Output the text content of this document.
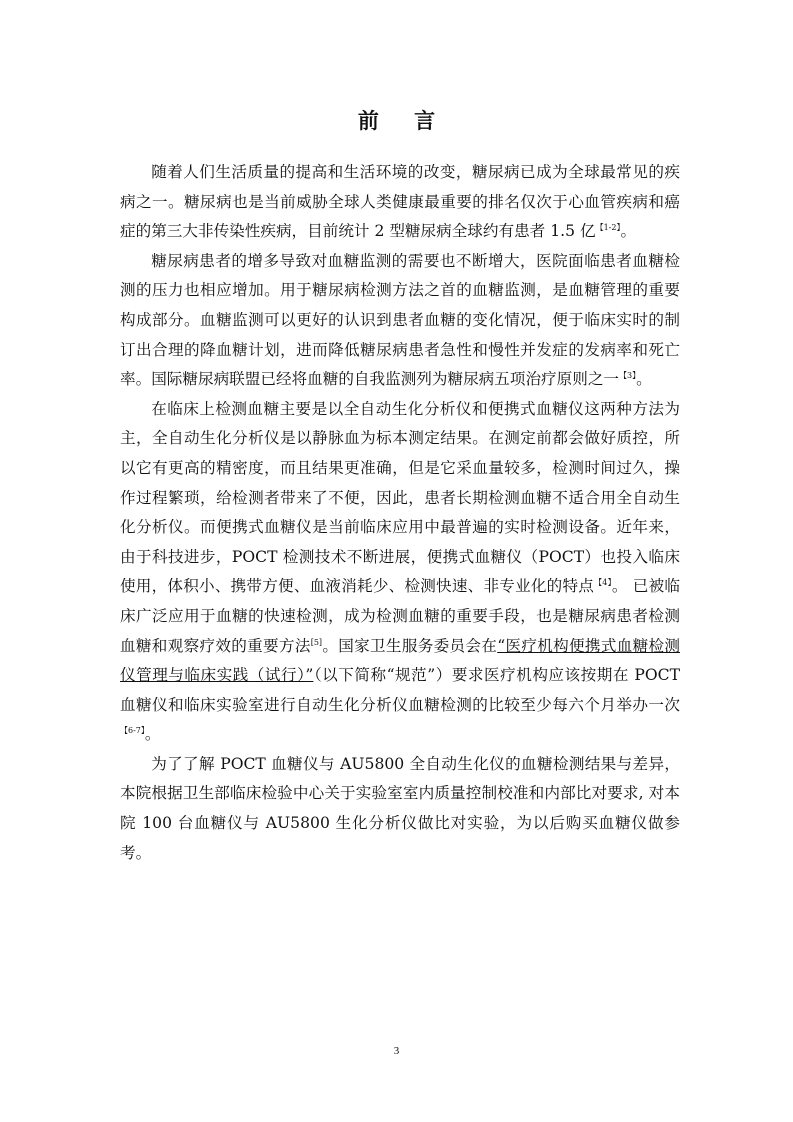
前 言

随着人们生活质量的提高和生活环境的改变，糖尿病已成为全球最常见的疾病之一。糖尿病也是当前威胁全球人类健康最重要的排名仅次于心血管疾病和癌症的第三大非传染性疾病，目前统计 2 型糖尿病全球约有患者 1.5 亿$^{【1-2】}$。

糖尿病患者的增多导致对血糖监测的需要也不断增大，医院面临患者血糖检测的压力也相应增加。用于糖尿病检测方法之首的血糖监测，是血糖管理的重要构成部分。血糖监测可以更好的认识到患者血糖的变化情况，便于临床实时的制订出合理的降血糖计划，进而降低糖尿病患者急性和慢性并发症的发病率和死亡率。国际糖尿病联盟已经将血糖的自我监测列为糖尿病五项治疗原则之一$^{【3】}$。

在临床上检测血糖主要是以全自动生化分析仪和便携式血糖仪这两种方法为主，全自动生化分析仪是以静脉血为标本测定结果。在测定前都会做好质控，所以它有更高的精密度，而且结果更准确，但是它采血量较多，检测时间过久，操作过程繁琐，给检测者带来了不便，因此，患者长期检测血糖不适合用全自动生化分析仪。而便携式血糖仪是当前临床应用中最普遍的实时检测设备。近年来，由于科技进步，POCT 检测技术不断进展，便携式血糖仪（POCT）也投入临床使用，体积小、携带方便、血液消耗少、检测快速、非专业化的特点$^{【4】}$。 已被临床广泛应用于血糖的快速检测，成为检测血糖的重要手段，也是糖尿病患者检测血糖和观察疗效的重要方法[5]。国家卫生服务委员会在“医疗机构便携式血糖检测仪管理与临床实践（试行）”（以下简称“规范”）要求医疗机构应该按期在 POCT 血糖仪和临床实验室进行自动生化分析仪血糖检测的比较至少每六个月举办一次$^{【6-7】}$。

为了了解 POCT 血糖仪与 AU5800 全自动生化仪的血糖检测结果与差异，本院根据卫生部临床检验中心关于实验室室内质量控制校准和内部比对要求, 对本院 100 台血糖仪与 AU5800 生化分析仪做比对实验，为以后购买血糖仪做参考。

3
